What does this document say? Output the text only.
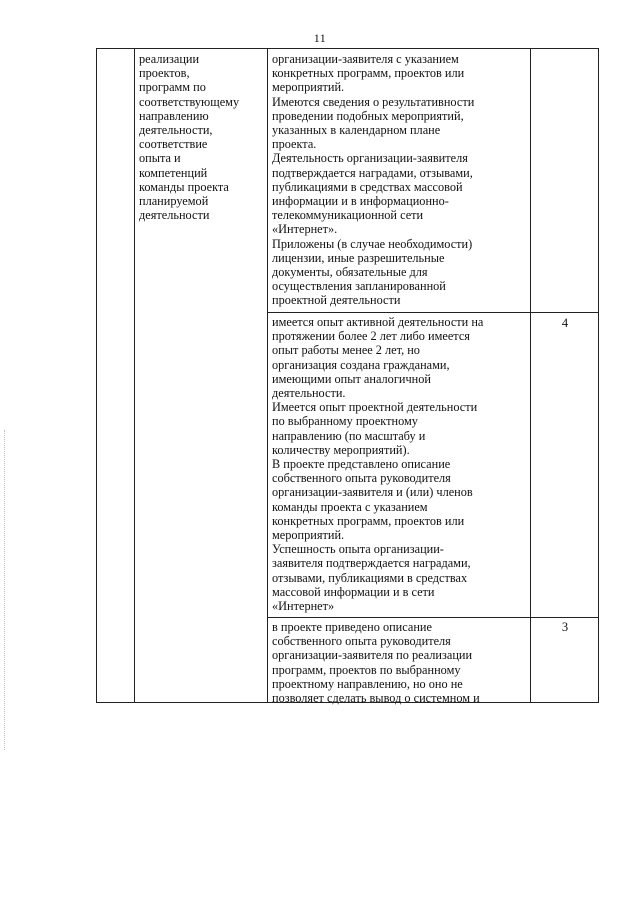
11

реализации
проектов,
программ по
соответствующему
направлению
деятельности,
соответствие
опыта и
компетенций
команды проекта
планируемой
деятельности

организации-заявителя с указанием
конкретных программ, проектов или
мероприятий.
Имеются сведения о результативности
проведении подобных мероприятий,
указанных в календарном плане
проекта.
Деятельность организации-заявителя
подтверждается наградами, отзывами,
публикациями в средствах массовой
информации и в информационно-
телекоммуникационной сети
«Интернет».
Приложены (в случае необходимости)
лицензии, иные разрешительные
документы, обязательные для
осуществления запланированной
проектной деятельности

имеется опыт активной деятельности на
протяжении более 2 лет либо имеется
опыт работы менее 2 лет, но
организация создана гражданами,
имеющими опыт аналогичной
деятельности.
Имеется опыт проектной деятельности
по выбранному проектному
направлению (по масштабу и
количеству мероприятий).
В проекте представлено описание
собственного опыта руководителя
организации-заявителя и (или) членов
команды проекта с указанием
конкретных программ, проектов или
мероприятий.
Успешность опыта организации-
заявителя подтверждается наградами,
отзывами, публикациями в средствах
массовой информации и в сети
«Интернет»

4

в проекте приведено описание
собственного опыта руководителя
организации-заявителя по реализации
программ, проектов по выбранному
проектному направлению, но оно не
позволяет сделать вывод о системном и

3
